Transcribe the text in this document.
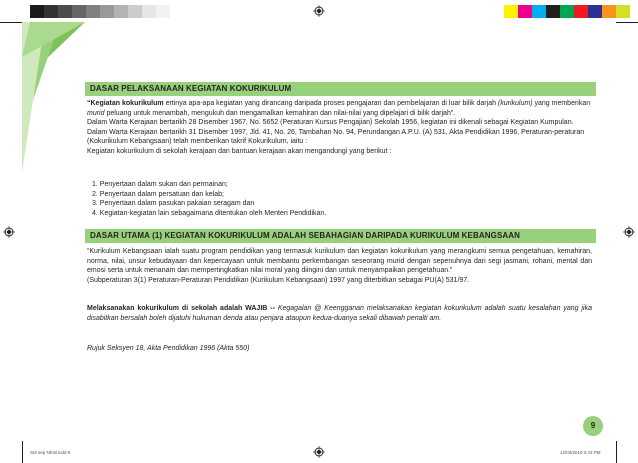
DASAR PELAKSANAAN KEGIATAN KOKURIKULUM

“Kegiatan kokurikulum ertinya apa-apa kegiatan yang dirancang daripada proses pengajaran dan pembelajaran di luar bilik darjah (kurikulum) yang memberikan murid peluang untuk menambah, mengukuh dan mengamalkan kemahiran dan nilai-nilai yang dipelajari di bilik darjah”.

Dalam Warta Kerajaan bertarikh 28 Disember 1967, No. 5652 (Peraturan Kursus Pengajian) Sekolah 1956, kegiatan ini dikenali sebagai Kegiatan Kumpulan.

Dalam Warta Kerajaan bertarikh 31 Disember 1997, Jld. 41, No. 26, Tambahan No. 94, Perundangan A.P.U. (A) 531, Akta Pendidikan 1996, Peraturan-peraturan (Kokurikulum Kebangsaan) telah memberikan takrif Kokurikulum, iaitu :

Kegiatan kokurikulum di sekolah kerajaan dan bantuan kerajaan akan mengandungi yang berikut :

1. Penyertaan dalam sukan dan permainan;
2. Penyertaan dalam persatuan dan kelab;
3. Penyertaan dalam pasukan pakaian seragam dan
4. Kegiatan-kegiatan lain sebagaimana ditentukan oleh Menteri Pendidikan.
DASAR UTAMA (1) KEGIATAN KOKURIKULUM ADALAH SEBAHAGIAN DARIPADA KURIKULUM KEBANGSAAN

“Kurikulum Kebangsaan ialah suatu program pendidikan yang termasuk kurikulum dan kegiatan kokurikulum yang merangkumi semua pengetahuan, kemahiran, norma, nilai, unsur kebudayaan dan kepercayaan untuk membantu perkembangan seseorang murid dengan sepenuhnya dari segi jasmani, rohani, mental dan emosi serta untuk menanam dan mempertingkatkan nilai moral yang diingini dan untuk menyampaikan pengetahuan.”

(Subperaturan 3(1) Peraturan-Peraturan Pendidikan (Kurikulum Kebangsaan) 1997 yang diterbitkan sebagai PU(A) 531/97.

Melaksanakan kokurikulum di sekolah adalah WAJIB -- Kegagalan @ Keengganan melaksanakan kegiatan kokurikulum adalah suatu kesalahan yang jika disabitkan bersalah boleh dijatuhi hukuman denda atau penjara ataupun kedua-duanya sekali dibawah penalti am.

Rujuk Seksyen 18, Akta Pendidikan 1996 (Akta 550)

9
SM sep NEW.indd 9	12/03/2019 3:43 PM
